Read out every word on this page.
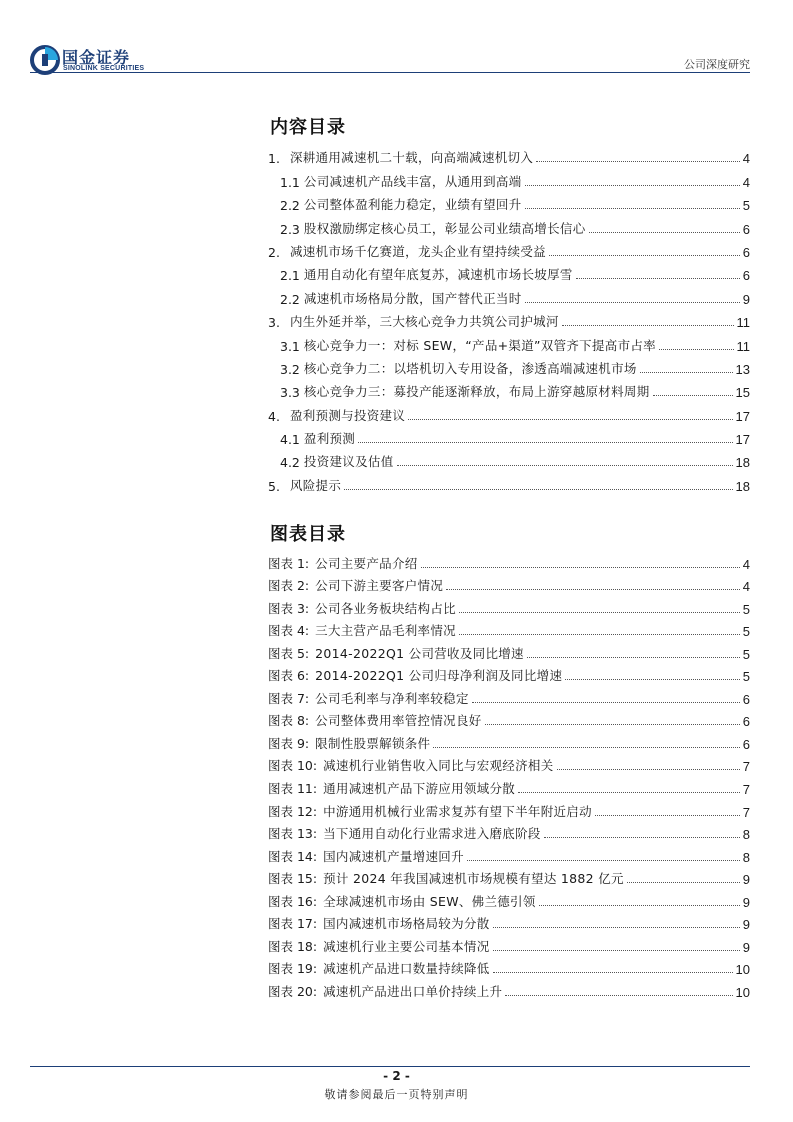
国金证券
SINOLINK SECURITIES	公司深度研究
内容目录
1. 深耕通用减速机二十载，向高端减速机切入	4
1.1 公司减速机产品线丰富，从通用到高端	4
2.2 公司整体盈利能力稳定，业绩有望回升	5
2.3 股权激励绑定核心员工，彰显公司业绩高增长信心	6
2. 减速机市场千亿赛道，龙头企业有望持续受益	6
2.1 通用自动化有望年底复苏，减速机市场长坡厚雪	6
2.2 减速机市场格局分散，国产替代正当时	9
3. 内生外延并举，三大核心竞争力共筑公司护城河	11
3.1 核心竞争力一：对标 SEW，“产品+渠道”双管齐下提高市占率	11
3.2 核心竞争力二：以塔机切入专用设备，渗透高端减速机市场	13
3.3 核心竞争力三：募投产能逐渐释放，布局上游穿越原材料周期	15
4. 盈利预测与投资建议	17
4.1 盈利预测	17
4.2 投资建议及估值	18
5. 风险提示	18
图表目录
图表 1: 公司主要产品介绍	4
图表 2: 公司下游主要客户情况	4
图表 3: 公司各业务板块结构占比	5
图表 4: 三大主营产品毛利率情况	5
图表 5: 2014-2022Q1 公司营收及同比增速	5
图表 6: 2014-2022Q1 公司归母净利润及同比增速	5
图表 7: 公司毛利率与净利率较稳定	6
图表 8: 公司整体费用率管控情况良好	6
图表 9: 限制性股票解锁条件	6
图表 10: 减速机行业销售收入同比与宏观经济相关	7
图表 11: 通用减速机产品下游应用领域分散	7
图表 12: 中游通用机械行业需求复苏有望下半年附近启动	7
图表 13: 当下通用自动化行业需求进入磨底阶段	8
图表 14: 国内减速机产量增速回升	8
图表 15: 预计 2024 年我国减速机市场规模有望达 1882 亿元	9
图表 16: 全球减速机市场由 SEW、佛兰德引领	9
图表 17: 国内减速机市场格局较为分散	9
图表 18: 减速机行业主要公司基本情况	9
图表 19: 减速机产品进口数量持续降低	10
图表 20: 减速机产品进出口单价持续上升	10
- 2 -
敬请参阅最后一页特别声明
